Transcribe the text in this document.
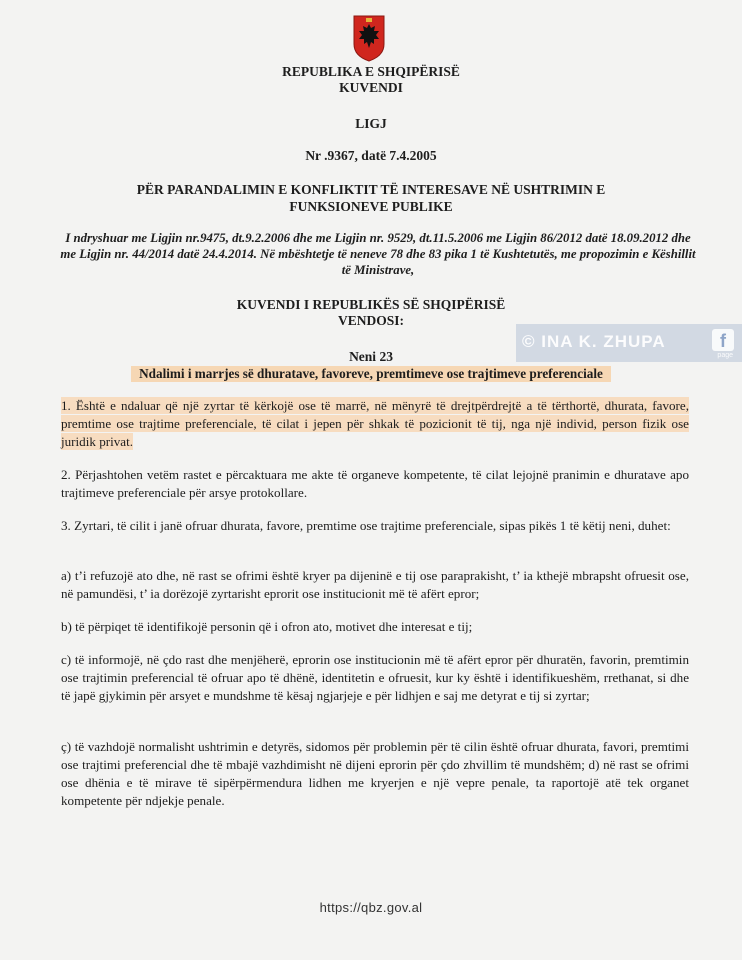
REPUBLIKA E SHQIPËRISË
KUVENDI
LIGJ
Nr .9367, datë 7.4.2005
PËR PARANDALIMIN E KONFLIKTIT TË INTERESAVE NË USHTRIMIN E
FUNKSIONEVE PUBLIKE
I ndryshuar me Ligjin nr.9475, dt.9.2.2006 dhe me Ligjin nr. 9529, dt.11.5.2006 me Ligjin 86/2012 datë 18.09.2012 dhe me Ligjin nr. 44/2014 datë 24.4.2014. Në mbështetje të neneve 78 dhe 83 pika 1 të Kushtetutës, me propozimin e Këshillit të Ministrave,
KUVENDI I REPUBLIKËS SË SHQIPËRISË
VENDOSI:
Neni 23
Ndalimi i marrjes së dhuratave, favoreve, premtimeve ose trajtimeve preferenciale
1. Është e ndaluar që një zyrtar të kërkojë ose të marrë, në mënyrë të drejtpërdrejtë a të tërthortë, dhurata, favore, premtime ose trajtime preferenciale, të cilat i jepen për shkak të pozicionit të tij, nga një individ, person fizik ose juridik privat.
2. Përjashtohen vetëm rastet e përcaktuara me akte të organeve kompetente, të cilat lejojnë pranimin e dhuratave apo trajtimeve preferenciale për arsye protokollare.
3. Zyrtari, të cilit i janë ofruar dhurata, favore, premtime ose trajtime preferenciale, sipas pikës 1 të këtij neni, duhet:
a) t’i refuzojë ato dhe, në rast se ofrimi është kryer pa dijeninë e tij ose paraprakisht, t’ ia kthejë mbrapsht ofruesit ose, në pamundësi, t’ ia dorëzojë zyrtarisht eprorit ose institucionit më të afërt epror;
b) të përpiqet të identifikojë personin që i ofron ato, motivet dhe interesat e tij;
c) të informojë, në çdo rast dhe menjëherë, eprorin ose institucionin më të afërt epror për dhuratën, favorin, premtimin ose trajtimin preferencial të ofruar apo të dhënë, identitetin e ofruesit, kur ky është i identifikueshëm, rrethanat, si dhe të japë gjykimin për arsyet e mundshme të kësaj ngjarjeje e për lidhjen e saj me detyrat e tij si zyrtar;
ç) të vazhdojë normalisht ushtrimin e detyrës, sidomos për problemin për të cilin është ofruar dhurata, favori, premtimi ose trajtimi preferencial dhe të mbajë vazhdimisht në dijeni eprorin për çdo zhvillim të mundshëm; d) në rast se ofrimi ose dhënia e të mirave të sipërpërmendura lidhen me kryerjen e një vepre penale, ta raportojë atë tek organet kompetente për ndjekje penale.
© INA K. ZHUPA	f
page
https://qbz.gov.al
